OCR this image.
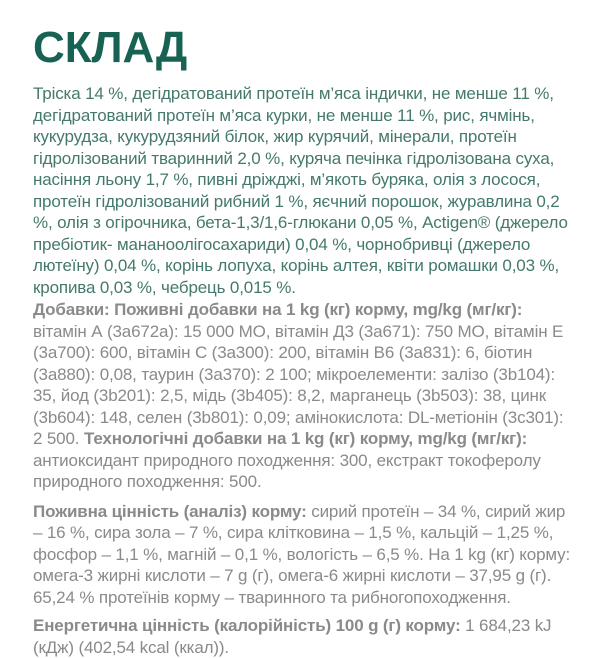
СКЛАД

Тріска 14 %, дегідратований протеїн м’яса індички, не менше 11 %, дегідратований протеїн м’яса курки, не менше 11 %, рис, ячмінь, кукурудза, кукурудзяний білок, жир курячий, мінерали, протеїн гідролізований тваринний 2,0 %, куряча печінка гідролізована суха, насіння льону 1,7 %, пивні дріжджі, м’якоть буряка, олія з лосося, протеїн гідролізований рибний 1 %, яєчний порошок, журавлина 0,2 %, олія з огірочника, бета-1,3/1,6-глюкани 0,05 %, Actigen® (джерело пребіотик- мананоолігосахариди) 0,04 %, чорнобривці (джерело лютеїну) 0,04 %, корінь лопуха, корінь алтея, квіти ромашки 0,03 %, кропива 0,03 %, чебрець 0,015 %.

Добавки: Поживні добавки на 1 kg (кг) корму, mg/kg (мг/кг): вітамін А (3a672a): 15 000 МО, вітамін Д3 (3a671): 750 МО, вітамін Е (3a700): 600, вітамін С (3a300): 200, вітамін В6 (3a831): 6, біотин (3a880): 0,08, таурин (3a370): 2 100; мікроелементи: залізо (3b104): 35, йод (3b201): 2,5, мідь (3b405): 8,2, марганець (3b503): 38, цинк (3b604): 148, селен (3b801): 0,09; амінокислота: DL-метіонін (3c301): 2 500. Технологічні добавки на 1 kg (кг) корму, mg/kg (мг/кг): антиоксидант природного походження: 300, екстракт токоферолу природного походження: 500.

Поживна цінність (аналіз) корму: сирий протеїн – 34 %, сирий жир – 16 %, сира зола – 7 %, сира клітковина – 1,5 %, кальцій – 1,25 %, фосфор – 1,1 %, магній – 0,1 %, вологість – 6,5 %. На 1 kg (кг) корму: омега-3 жирні кислоти – 7 g (г), омега-6 жирні кислоти – 37,95 g (г). 65,24 % протеїнів корму – тваринного та рибногопоходження.

Енергетична цінність (калорійність) 100 g (г) корму: 1 684,23 kJ (кДж) (402,54 kcal (ккал)).
